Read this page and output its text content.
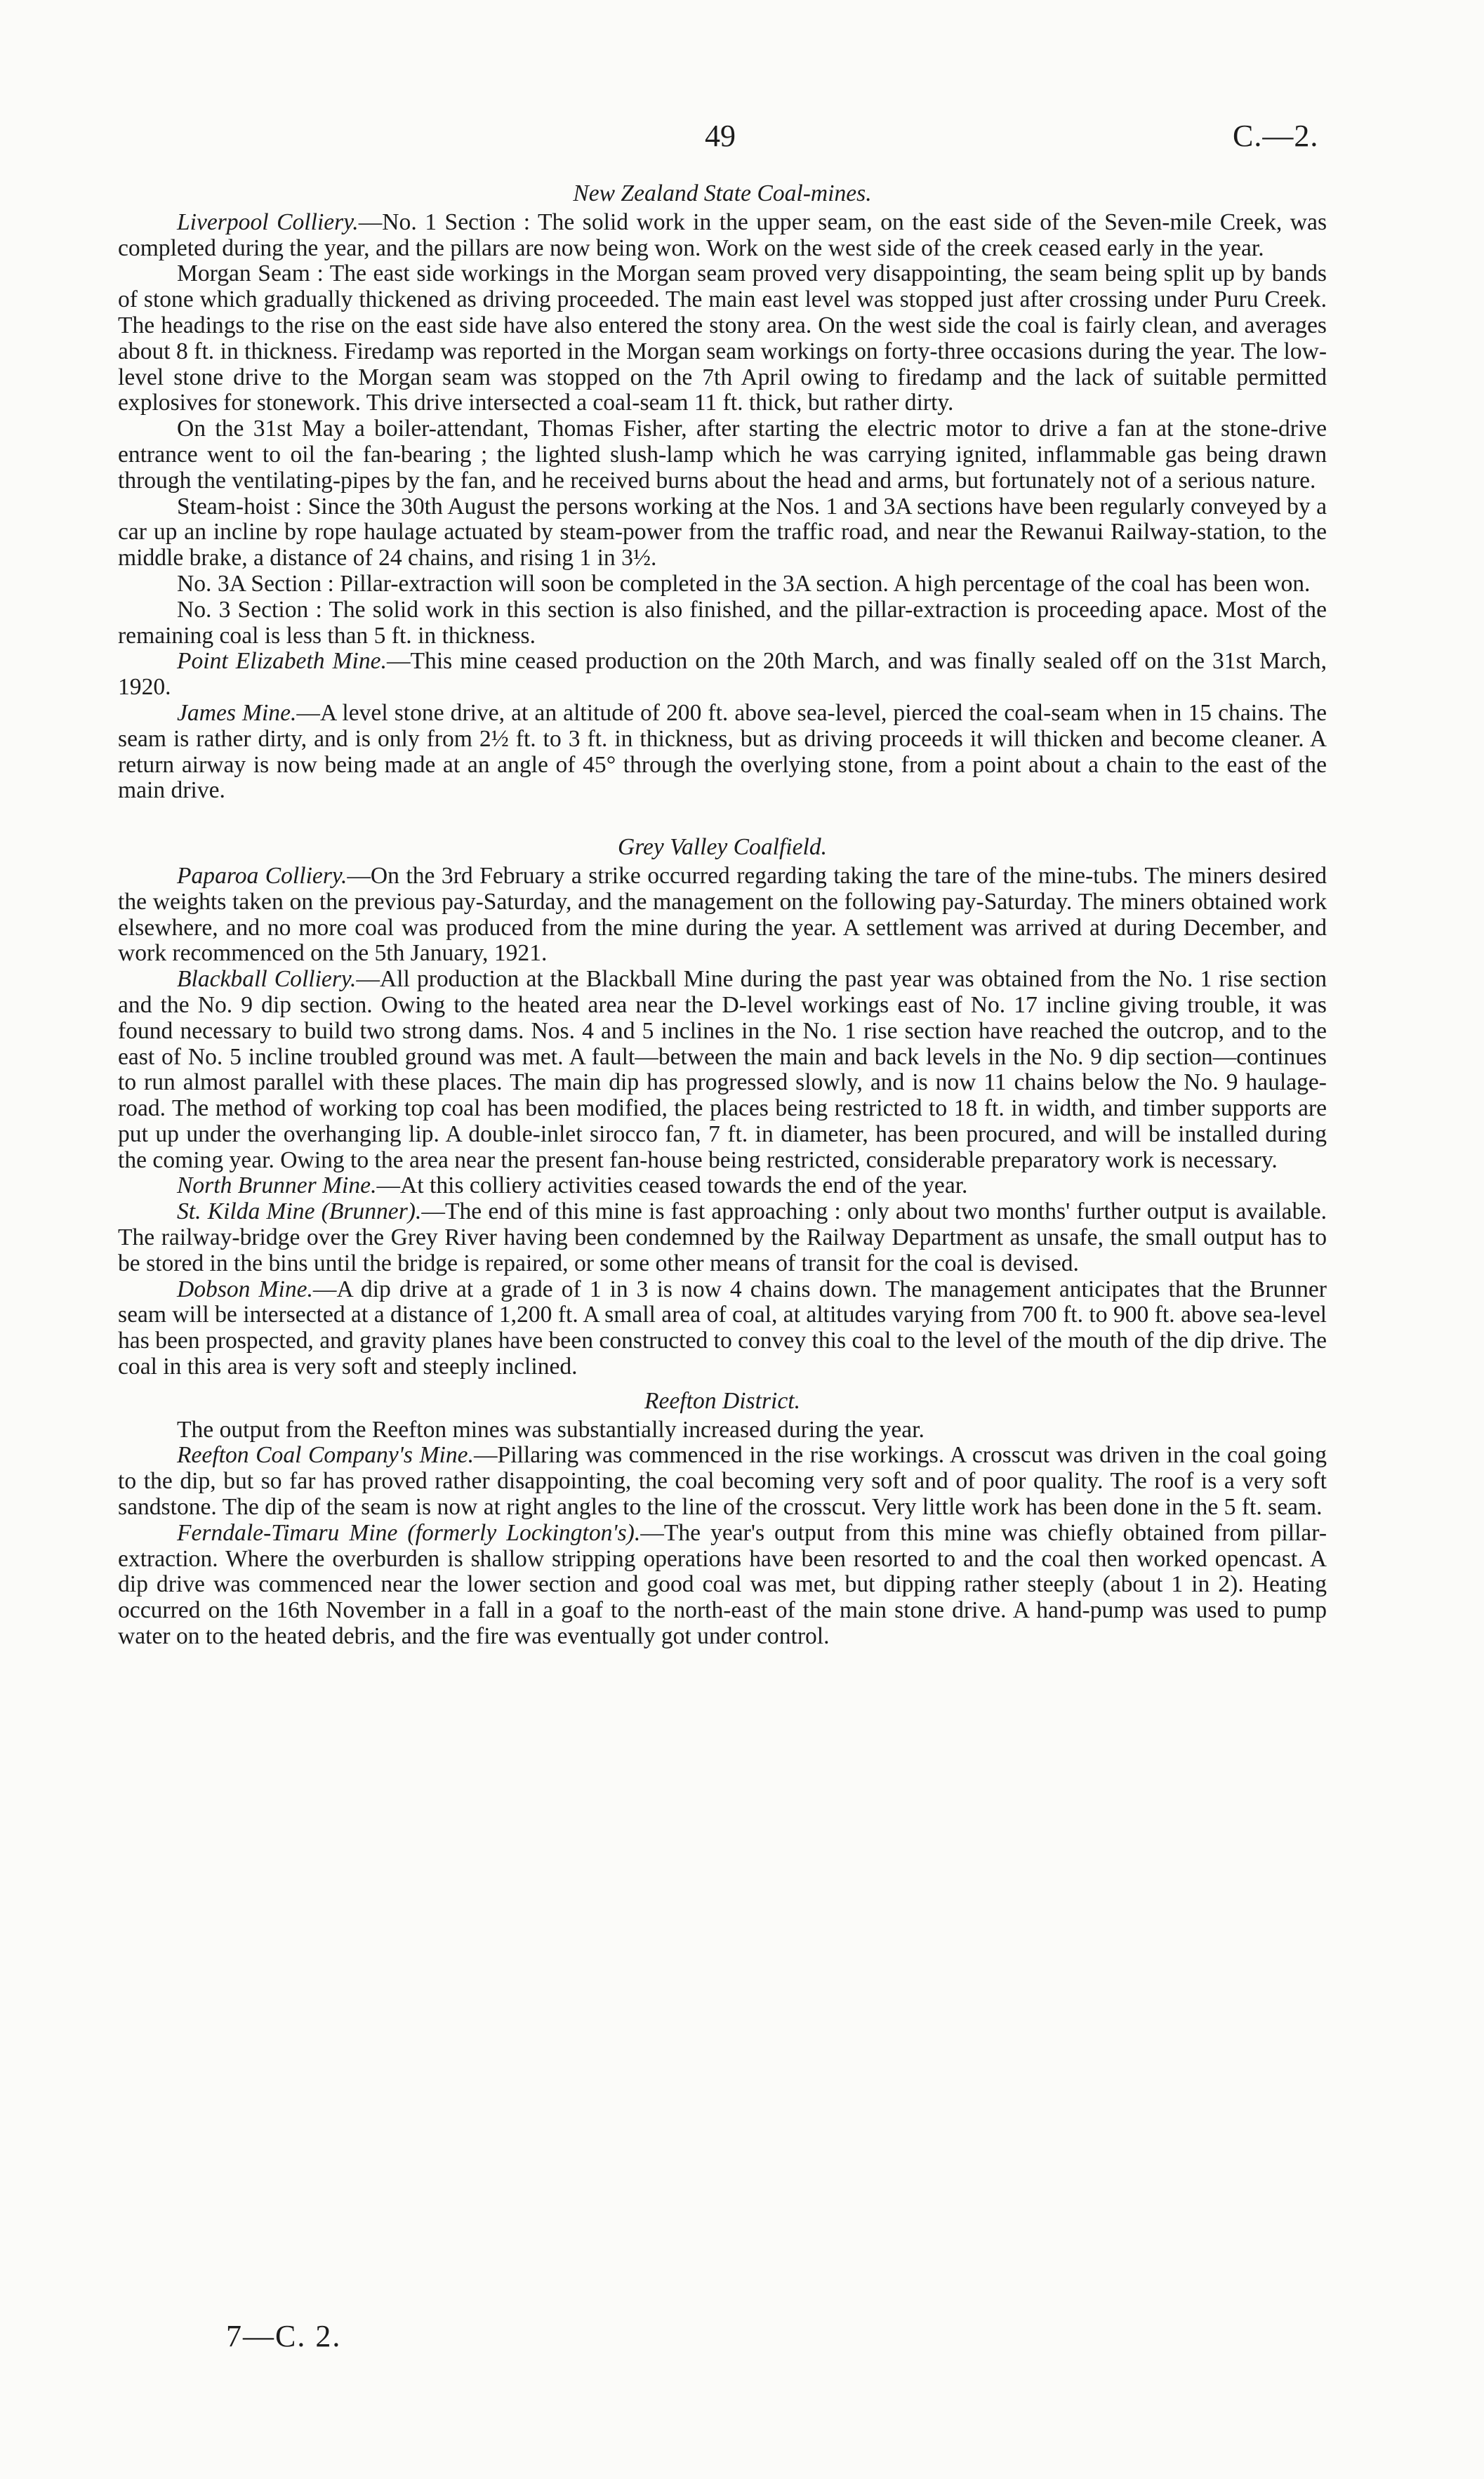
49	C.—2.

New Zealand State Coal-mines.

Liverpool Colliery.—No. 1 Section : The solid work in the upper seam, on the east side of the Seven-mile Creek, was completed during the year, and the pillars are now being won. Work on the west side of the creek ceased early in the year.

Morgan Seam : The east side workings in the Morgan seam proved very disappointing, the seam being split up by bands of stone which gradually thickened as driving proceeded. The main east level was stopped just after crossing under Puru Creek. The headings to the rise on the east side have also entered the stony area. On the west side the coal is fairly clean, and averages about 8 ft. in thickness. Firedamp was reported in the Morgan seam workings on forty-three occasions during the year. The low-level stone drive to the Morgan seam was stopped on the 7th April owing to firedamp and the lack of suitable permitted explosives for stonework. This drive intersected a coal-seam 11 ft. thick, but rather dirty.

On the 31st May a boiler-attendant, Thomas Fisher, after starting the electric motor to drive a fan at the stone-drive entrance went to oil the fan-bearing ; the lighted slush-lamp which he was carrying ignited, inflammable gas being drawn through the ventilating-pipes by the fan, and he received burns about the head and arms, but fortunately not of a serious nature.

Steam-hoist : Since the 30th August the persons working at the Nos. 1 and 3A sections have been regularly conveyed by a car up an incline by rope haulage actuated by steam-power from the traffic road, and near the Rewanui Railway-station, to the middle brake, a distance of 24 chains, and rising 1 in 3½.

No. 3A Section : Pillar-extraction will soon be completed in the 3A section. A high percentage of the coal has been won.

No. 3 Section : The solid work in this section is also finished, and the pillar-extraction is proceeding apace. Most of the remaining coal is less than 5 ft. in thickness.

Point Elizabeth Mine.—This mine ceased production on the 20th March, and was finally sealed off on the 31st March, 1920.

James Mine.—A level stone drive, at an altitude of 200 ft. above sea-level, pierced the coal-seam when in 15 chains. The seam is rather dirty, and is only from 2½ ft. to 3 ft. in thickness, but as driving proceeds it will thicken and become cleaner. A return airway is now being made at an angle of 45° through the overlying stone, from a point about a chain to the east of the main drive.

Grey Valley Coalfield.

Paparoa Colliery.—On the 3rd February a strike occurred regarding taking the tare of the mine-tubs. The miners desired the weights taken on the previous pay-Saturday, and the management on the following pay-Saturday. The miners obtained work elsewhere, and no more coal was produced from the mine during the year. A settlement was arrived at during December, and work recommenced on the 5th January, 1921.

Blackball Colliery.—All production at the Blackball Mine during the past year was obtained from the No. 1 rise section and the No. 9 dip section. Owing to the heated area near the D-level workings east of No. 17 incline giving trouble, it was found necessary to build two strong dams. Nos. 4 and 5 inclines in the No. 1 rise section have reached the outcrop, and to the east of No. 5 incline troubled ground was met. A fault—between the main and back levels in the No. 9 dip section—continues to run almost parallel with these places. The main dip has progressed slowly, and is now 11 chains below the No. 9 haulage-road. The method of working top coal has been modified, the places being restricted to 18 ft. in width, and timber supports are put up under the overhanging lip. A double-inlet sirocco fan, 7 ft. in diameter, has been procured, and will be installed during the coming year. Owing to the area near the present fan-house being restricted, considerable preparatory work is necessary.

North Brunner Mine.—At this colliery activities ceased towards the end of the year.

St. Kilda Mine (Brunner).—The end of this mine is fast approaching : only about two months' further output is available. The railway-bridge over the Grey River having been condemned by the Railway Department as unsafe, the small output has to be stored in the bins until the bridge is repaired, or some other means of transit for the coal is devised.

Dobson Mine.—A dip drive at a grade of 1 in 3 is now 4 chains down. The management anticipates that the Brunner seam will be intersected at a distance of 1,200 ft. A small area of coal, at altitudes varying from 700 ft. to 900 ft. above sea-level has been prospected, and gravity planes have been constructed to convey this coal to the level of the mouth of the dip drive. The coal in this area is very soft and steeply inclined.

Reefton District.

The output from the Reefton mines was substantially increased during the year.

Reefton Coal Company's Mine.—Pillaring was commenced in the rise workings. A crosscut was driven in the coal going to the dip, but so far has proved rather disappointing, the coal becoming very soft and of poor quality. The roof is a very soft sandstone. The dip of the seam is now at right angles to the line of the crosscut. Very little work has been done in the 5 ft. seam.

Ferndale-Timaru Mine (formerly Lockington's).—The year's output from this mine was chiefly obtained from pillar-extraction. Where the overburden is shallow stripping operations have been resorted to and the coal then worked opencast. A dip drive was commenced near the lower section and good coal was met, but dipping rather steeply (about 1 in 2). Heating occurred on the 16th November in a fall in a goaf to the north-east of the main stone drive. A hand-pump was used to pump water on to the heated debris, and the fire was eventually got under control.

7—C. 2.
